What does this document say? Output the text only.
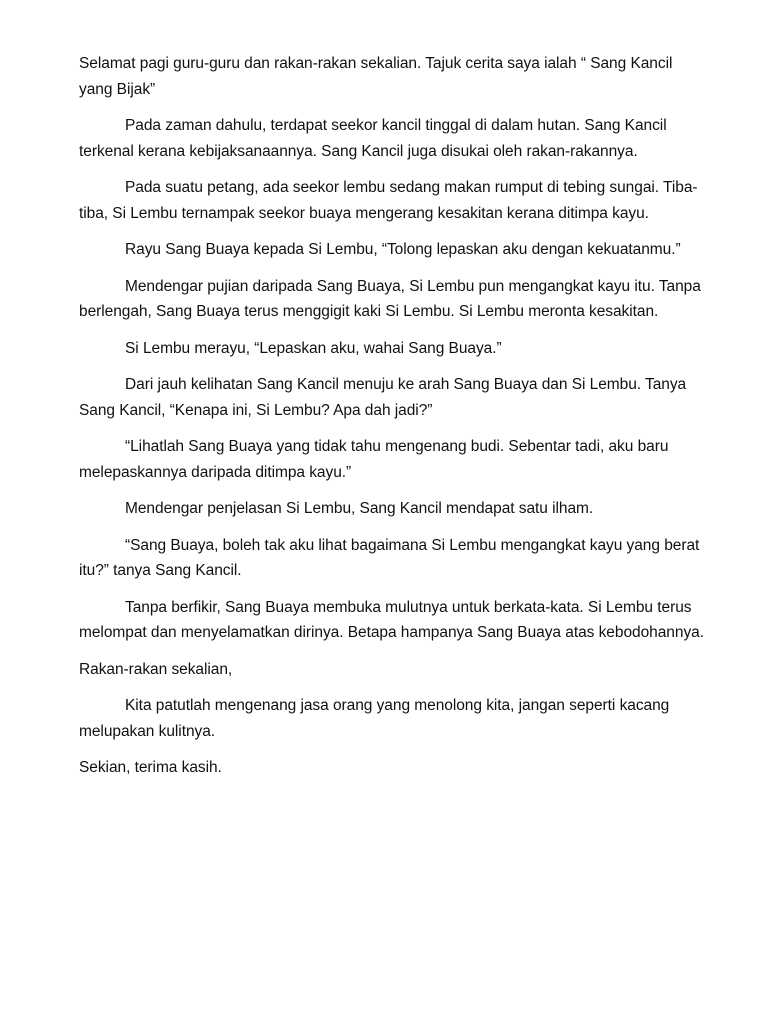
Selamat pagi guru-guru dan rakan-rakan sekalian. Tajuk cerita saya ialah “ Sang Kancil yang Bijak”

Pada zaman dahulu, terdapat seekor kancil tinggal di dalam hutan. Sang Kancil terkenal kerana kebijaksanaannya. Sang Kancil juga disukai oleh rakan-rakannya.

Pada suatu petang, ada seekor lembu sedang makan rumput di tebing sungai. Tiba-tiba, Si Lembu ternampak seekor buaya mengerang kesakitan kerana ditimpa kayu.

Rayu Sang Buaya kepada Si Lembu, “Tolong lepaskan aku dengan kekuatanmu.”

Mendengar pujian daripada Sang Buaya, Si Lembu pun mengangkat kayu itu. Tanpa berlengah, Sang Buaya terus menggigit kaki Si Lembu. Si Lembu meronta kesakitan.

Si Lembu merayu, “Lepaskan aku, wahai Sang Buaya.”

Dari jauh kelihatan Sang Kancil menuju ke arah Sang Buaya dan Si Lembu. Tanya Sang Kancil, “Kenapa ini, Si Lembu? Apa dah jadi?”

“Lihatlah Sang Buaya yang tidak tahu mengenang budi. Sebentar tadi, aku baru melepaskannya daripada ditimpa kayu.”

Mendengar penjelasan Si Lembu, Sang Kancil mendapat satu ilham.

“Sang Buaya, boleh tak aku lihat bagaimana Si Lembu mengangkat kayu yang berat itu?” tanya Sang Kancil.

Tanpa berfikir, Sang Buaya membuka mulutnya untuk berkata-kata. Si Lembu terus melompat dan menyelamatkan dirinya. Betapa hampanya Sang Buaya atas kebodohannya.

Rakan-rakan sekalian,

Kita patutlah mengenang jasa orang yang menolong kita, jangan seperti kacang melupakan kulitnya.

Sekian, terima kasih.
